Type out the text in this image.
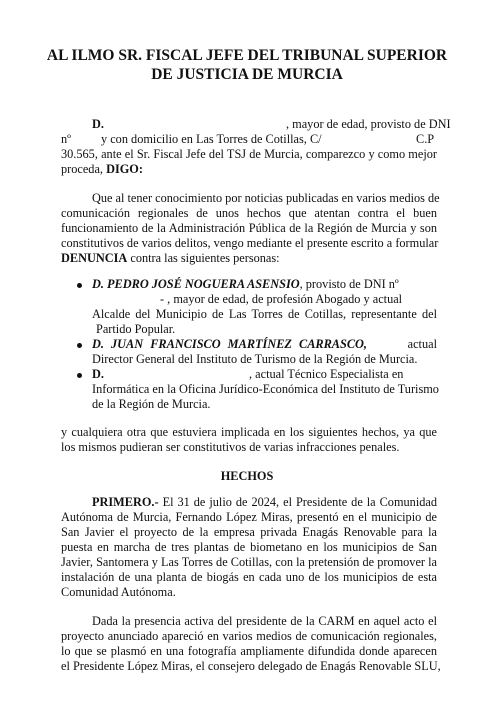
AL ILMO SR. FISCAL JEFE DEL TRIBUNAL SUPERIOR
DE JUSTICIA DE MURCIA
D.	, mayor de edad, provisto de DNI
nº y con domicilio en Las Torres de Cotillas, C/	C.P
30.565, ante el Sr. Fiscal Jefe del TSJ de Murcia, comparezco y como mejor
proceda, DIGO:
Que al tener conocimiento por noticias publicadas en varios medios de
comunicación regionales de unos hechos que atentan contra el buen
funcionamiento de la Administración Pública de la Región de Murcia y son
constitutivos de varios delitos, vengo mediante el presente escrito a formular
DENUNCIA contra las siguientes personas:
D. PEDRO JOSÉ NOGUERA ASENSIO, provisto de DNI nº
- , mayor de edad, de profesión Abogado y actual
Alcalde del Municipio de Las Torres de Cotillas, representante del
Partido Popular.
D. JUAN FRANCISCO MARTÍNEZ CARRASCO,	actual
Director General del Instituto de Turismo de la Región de Murcia.
D.	, actual Técnico Especialista en
Informática en la Oficina Jurídico-Económica del Instituto de Turismo
de la Región de Murcia.
y cualquiera otra que estuviera implicada en los siguientes hechos, ya que
los mismos pudieran ser constitutivos de varias infracciones penales.
HECHOS
PRIMERO.- El 31 de julio de 2024, el Presidente de la Comunidad
Autónoma de Murcia, Fernando López Miras, presentó en el municipio de
San Javier el proyecto de la empresa privada Enagás Renovable para la
puesta en marcha de tres plantas de biometano en los municipios de San
Javier, Santomera y Las Torres de Cotillas, con la pretensión de promover la
instalación de una planta de biogás en cada uno de los municipios de esta
Comunidad Autónoma.
Dada la presencia activa del presidente de la CARM en aquel acto el
proyecto anunciado apareció en varios medios de comunicación regionales,
lo que se plasmó en una fotografía ampliamente difundida donde aparecen
el Presidente López Miras, el consejero delegado de Enagás Renovable SLU,
